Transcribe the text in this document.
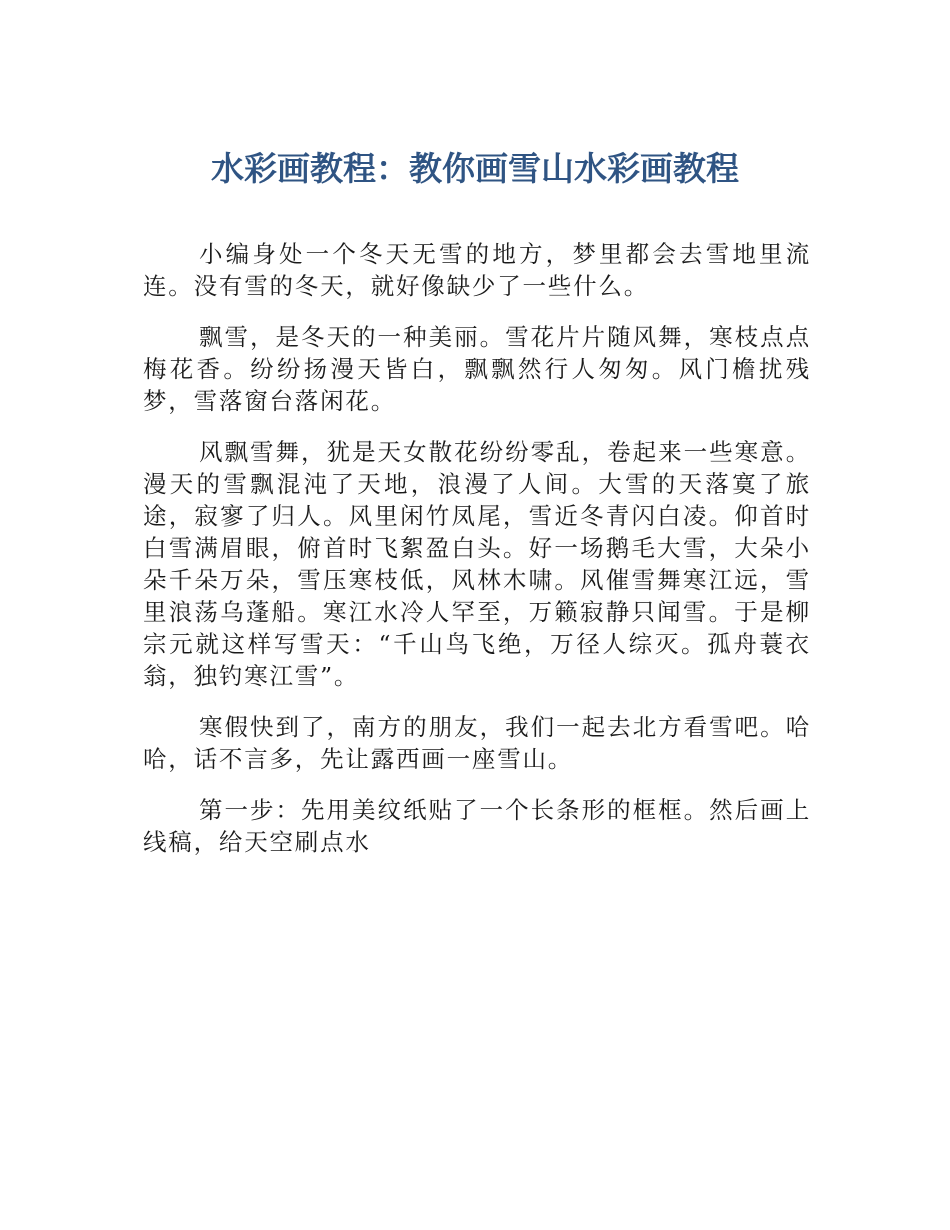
水彩画教程：教你画雪山水彩画教程

小编身处一个冬天无雪的地方，梦里都会去雪地里流连。没有雪的冬天，就好像缺少了一些什么。

飘雪，是冬天的一种美丽。雪花片片随风舞，寒枝点点梅花香。纷纷扬漫天皆白，飘飘然行人匆匆。风门檐扰残梦，雪落窗台落闲花。

风飘雪舞，犹是天女散花纷纷零乱，卷起来一些寒意。漫天的雪飘混沌了天地，浪漫了人间。大雪的天落寞了旅途，寂寥了归人。风里闲竹凤尾，雪近冬青闪白凌。仰首时白雪满眉眼，俯首时飞絮盈白头。好一场鹅毛大雪，大朵小朵千朵万朵，雪压寒枝低，风林木啸。风催雪舞寒江远，雪里浪荡乌蓬船。寒江水冷人罕至，万籁寂静只闻雪。于是柳宗元就这样写雪天：“千山鸟飞绝，万径人综灭。孤舟蓑衣翁，独钓寒江雪”。

寒假快到了，南方的朋友，我们一起去北方看雪吧。哈哈，话不言多，先让露西画一座雪山。

第一步：先用美纹纸贴了一个长条形的框框。然后画上线稿，给天空刷点水
